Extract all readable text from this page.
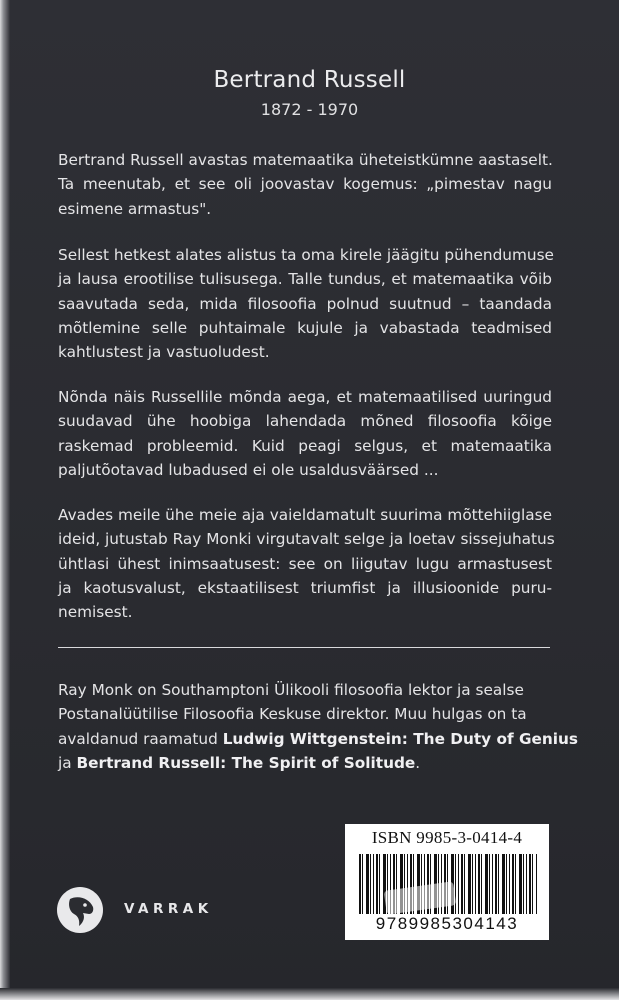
Bertrand Russell
1872 - 1970
Bertrand Russell avastas matemaatika üheteistkümne aastaselt.
Ta meenutab, et see oli joovastav kogemus: „pimestav nagu
esimene armastus".
Sellest hetkest alates alistus ta oma kirele jäägitu pühendumuse
ja lausa erootilise tulisusega. Talle tundus, et matemaatika võib
saavutada seda, mida filosoofia polnud suutnud – taandada
mõtlemine selle puhtaimale kujule ja vabastada teadmised
kahtlustest ja vastuoludest.
Nõnda näis Russellile mõnda aega, et matemaatilised uuringud
suudavad ühe hoobiga lahendada mõned filosoofia kõige
raskemad probleemid. Kuid peagi selgus, et matemaatika
paljutõotavad lubadused ei ole usaldusväärsed ...
Avades meile ühe meie aja vaieldamatult suurima mõttehiiglase
ideid, jutustab Ray Monki virgutavalt selge ja loetav sissejuhatus
ühtlasi ühest inimsaatusest: see on liigutav lugu armastusest
ja kaotusvalust, ekstaatilisest triumfist ja illusioonide puru-
nemisest.
Ray Monk on Southamptoni Ülikooli filosoofia lektor ja sealse
Postanalüütilise Filosoofia Keskuse direktor. Muu hulgas on ta
avaldanud raamatud Ludwig Wittgenstein: The Duty of Genius
ja Bertrand Russell: The Spirit of Solitude.
ISBN 9985-3-0414-4
9789985304143
VARRAK
